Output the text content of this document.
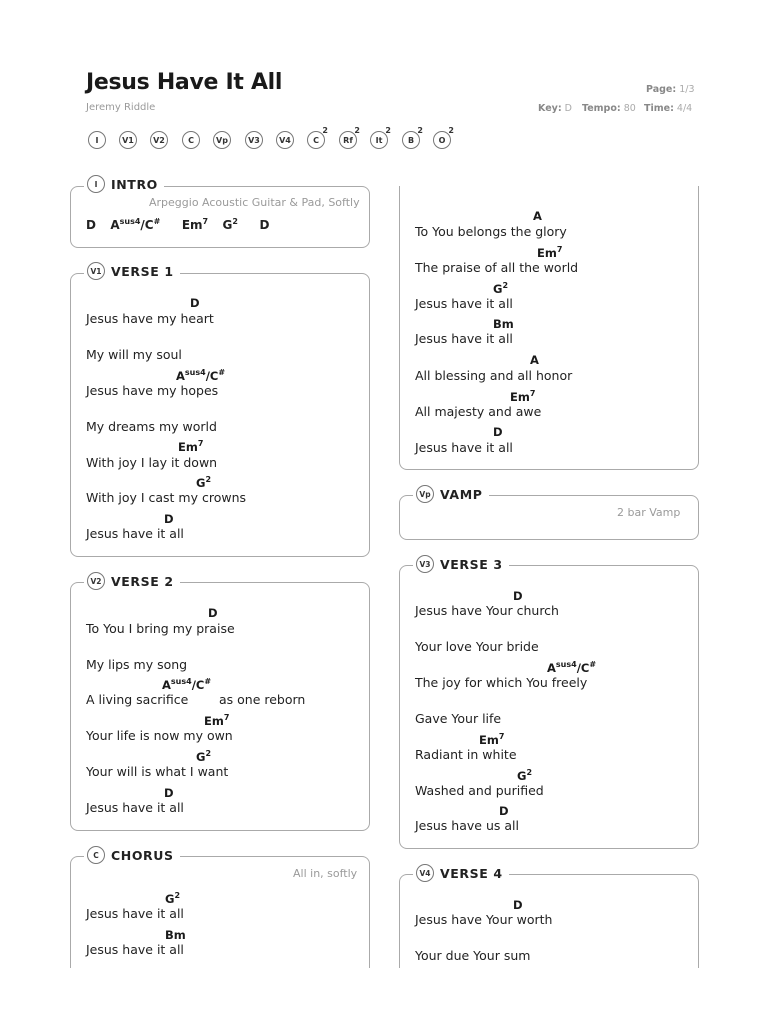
Jesus Have It All
Jeremy Riddle
Page: 1/3
Key: D Tempo: 80 Time: 4/4
I	V1 V2	C	Vp	V3 V4	C
2
Rf
2
It
2
B
2
O
2
I	INTRO
Arpeggio Acoustic Guitar & Pad, Softly
D  $A^{sus4}/C^{\#}$   Em$^7$  $G^2$   D
V1 VERSE 1
D
Jesus have my heart
My will my soul
$A^{sus4}/C^{\#}$
Jesus have my hopes
My dreams my world
Em$^7$
With joy I lay it down
$G^2$
With joy I cast my crowns
D
Jesus have it all
V2 VERSE 2
D
To You I bring my praise
My lips my song
$A^{sus4}/C^{\#}$
A living sacrifice as one reborn
Em$^7$
Your life is now my own
$G^2$
Your will is what I want
D
Jesus have it all
C CHORUS
All in, softly
$G^2$
Jesus have it all
Bm
Jesus have it all
A
To You belongs the glory
Em$^7$
The praise of all the world
$G^2$
Jesus have it all
Bm
Jesus have it all
A
All blessing and all honor
Em$^7$
All majesty and awe
D
Jesus have it all
Vp VAMP
2 bar Vamp
V3 VERSE 3
D
Jesus have Your church
Your love Your bride
$A^{sus4}/C^{\#}$
The joy for which You freely
Gave Your life
Em$^7$
Radiant in white
$G^2$
Washed and purified
D
Jesus have us all
V4 VERSE 4
D
Jesus have Your worth
Your due Your sum
